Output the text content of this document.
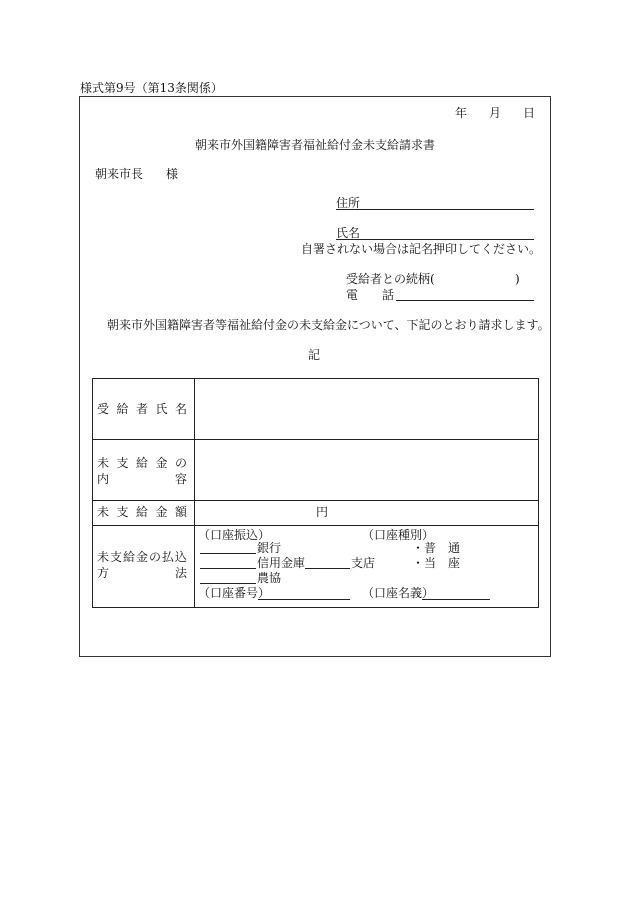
様式第9号（第13条関係）
年 月 日
朝来市外国籍障害者福祉給付金未支給請求書
朝来市長 様
住所
氏名
自署されない場合は記名押印してください。
受給者との続柄(	)
電 話
朝来市外国籍障害者等福祉給付金の未支給金について、下記のとおり請求します。
記
受 給 者 氏 名
未 支 給 金 の
内	容
未 支 給 金 額	円
未 支 給 金 の 払 込
方	法
（口座振込）	（口座種別）
銀行	・普　通
信用金庫	支店	・当　座
農協
（口座番号）	（口座名義）
